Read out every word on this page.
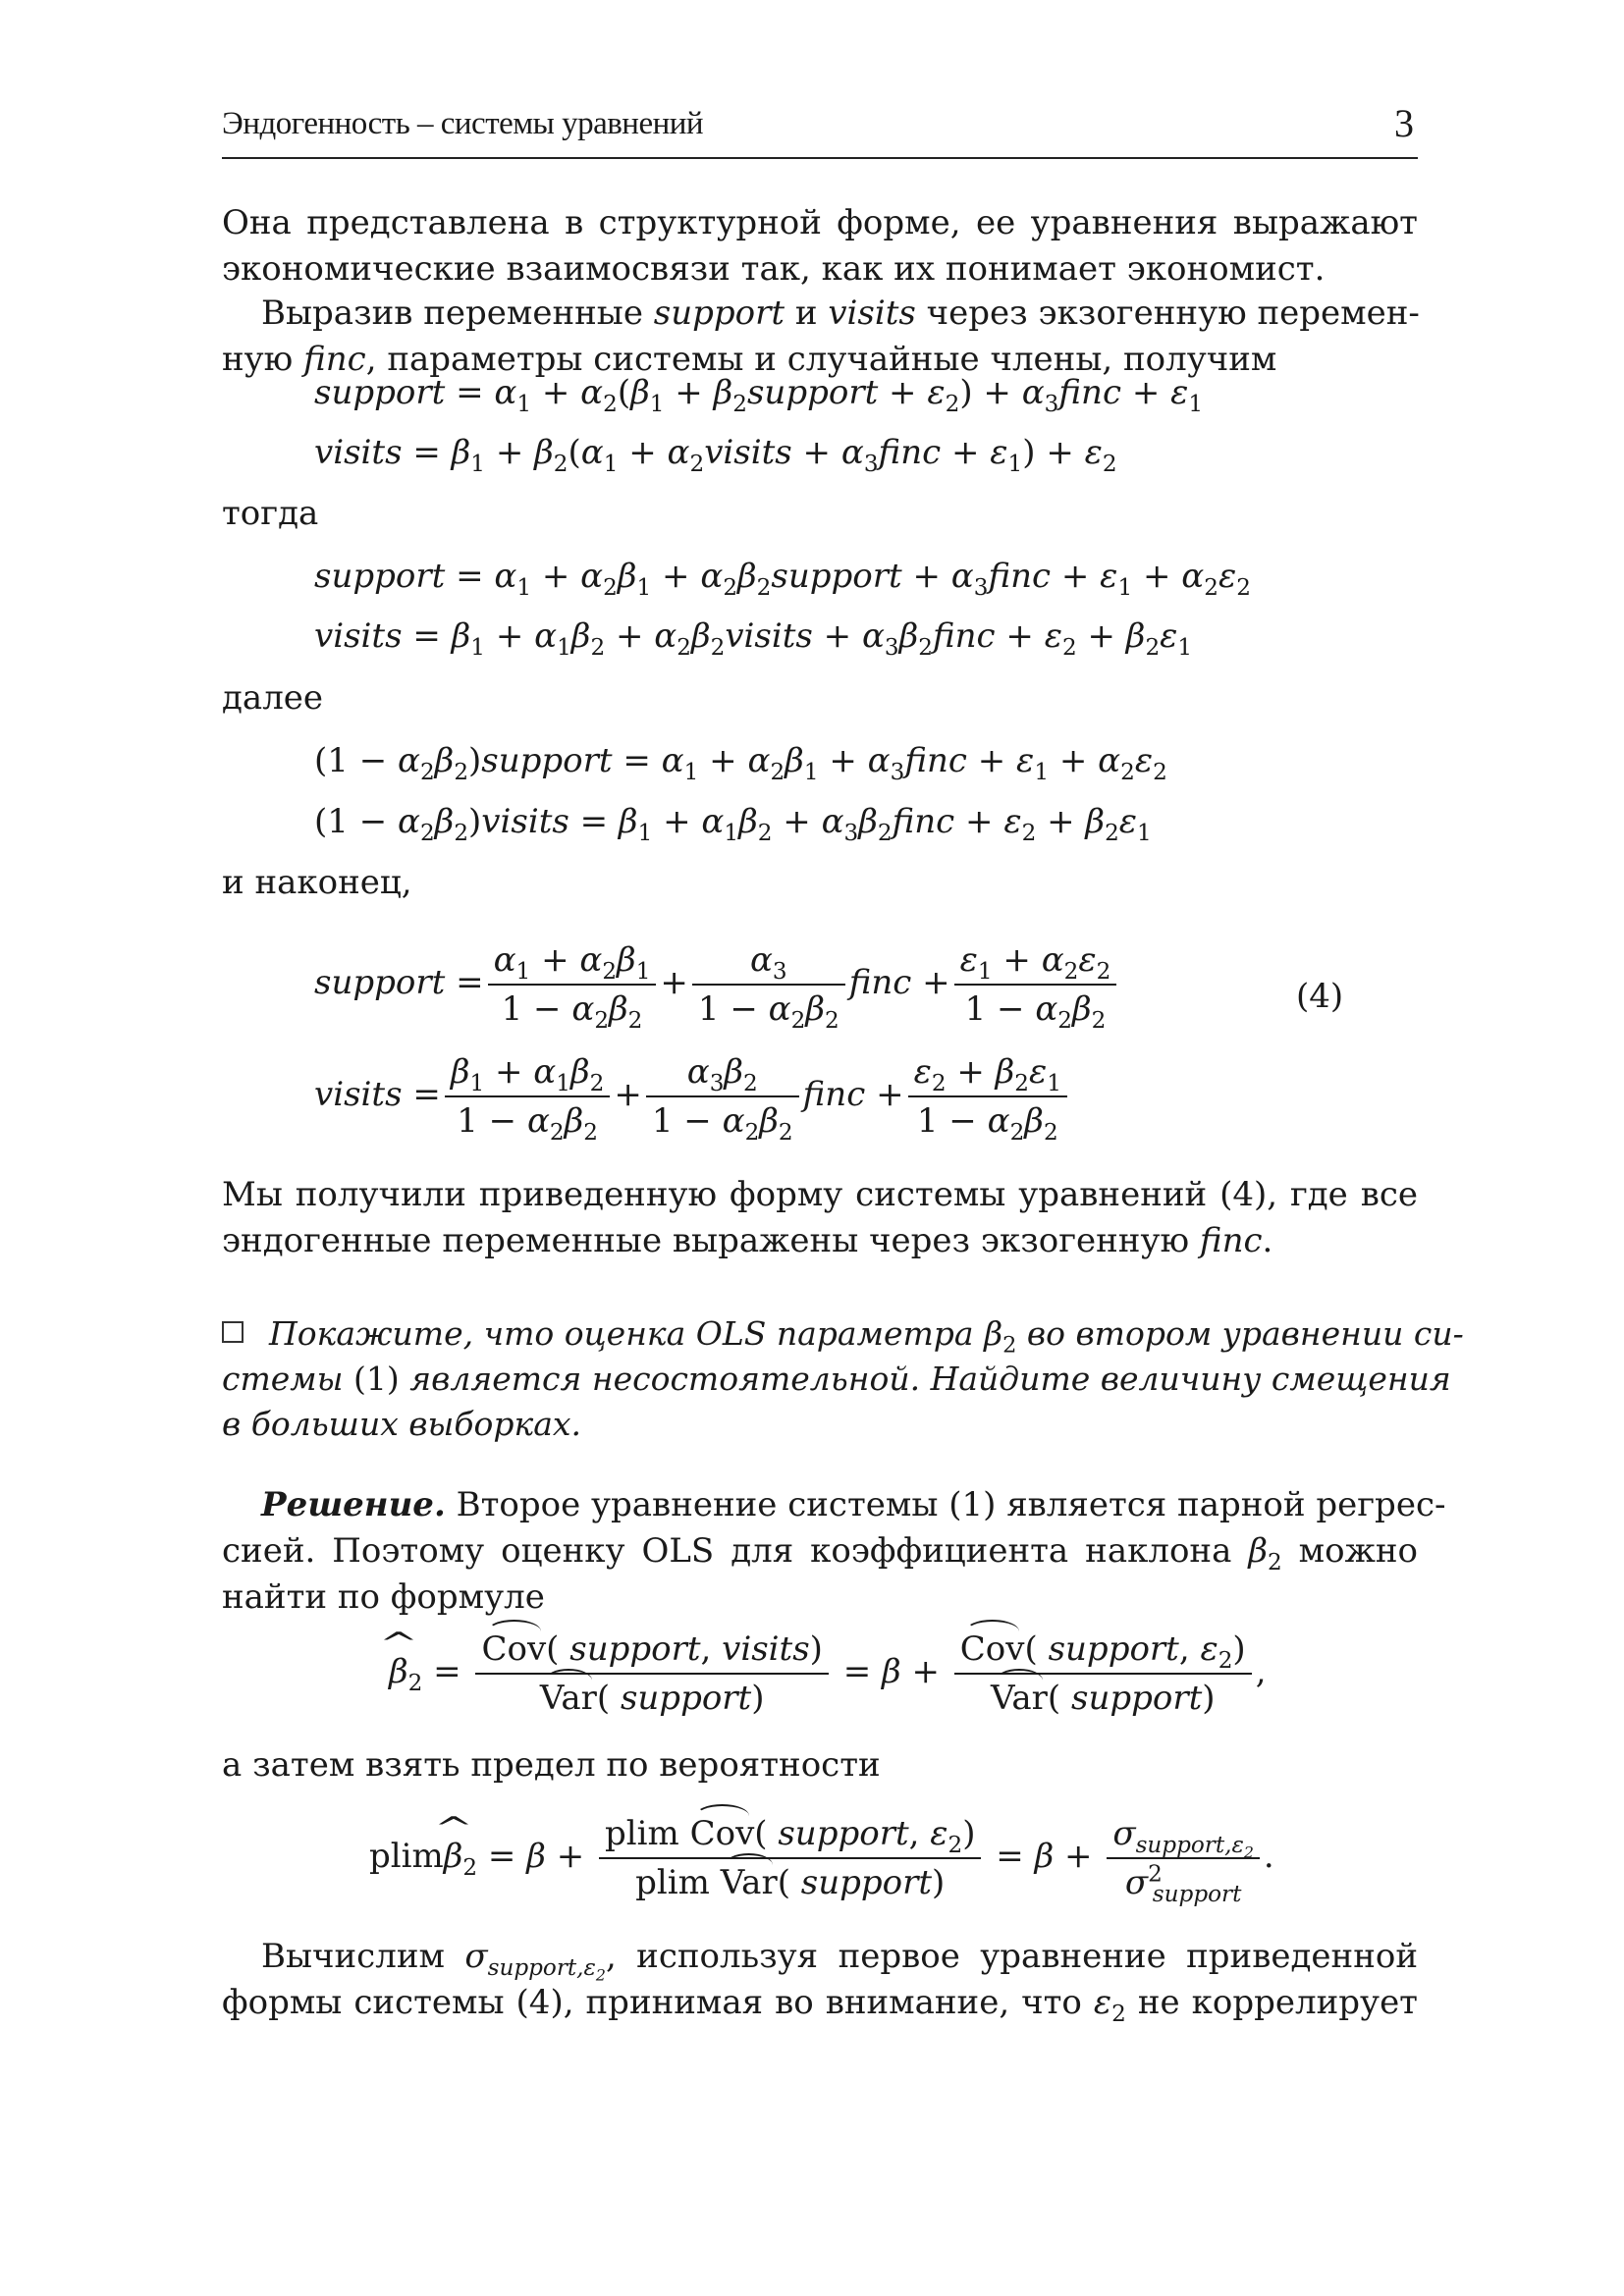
Эндогенность – системы уравнений	3
Она представлена в структурной форме, ее уравнения выражают
экономические взаимосвязи так, как их понимает экономист.
Выразив переменные support и visits через экзогенную перемен-
ную finc, параметры системы и случайные члены, получим
support = $\alpha_1 + \alpha_2(\beta_1$ + $\beta_2support + \varepsilon_2$) + $\alpha_3finc + \varepsilon_1$
visits = $\beta_1 + \beta_2(\alpha_1$ + $\alpha_2visits$ + $\alpha_3finc + \varepsilon_1) + \varepsilon_2$
тогда
support = $\alpha_1 + \alpha_2\beta_1$ + $\alpha_2\beta_2support$ + $\alpha_3finc + \varepsilon_1 + \alpha_2\varepsilon_2$
visits = $\beta_1 + \alpha_1\beta_2$ + $\alpha_2\beta_2visits$ + $\alpha_3\beta_2finc + \varepsilon_2 + \beta_2\varepsilon_1$
далее
$(1 - \alpha_2\beta_2)support = \alpha_1 + \alpha_2\beta_1$ + $\alpha_3finc + \varepsilon_1 + \alpha_2\varepsilon_2$
$(1 - \alpha_2\beta_2)visits = \beta_1 + \alpha_1\beta_2$ + $\alpha_3\beta_2finc + \varepsilon_2 + \beta_2\varepsilon_1$
и наконец,
support = $\frac{\alpha_1 + \alpha_2\beta_1}{1 - \alpha_2\beta_2} + \frac{\alpha_3}{1 - \alpha_2\beta_2}$ finc + $\frac{\varepsilon_1 + \alpha_2\varepsilon_2}{1 - \alpha_2\beta_2}$	(4)
visits = $\frac{\beta_1 + \alpha_1\beta_2}{1 - \alpha_2\beta_2} + \frac{\alpha_3\beta_2}{1 - \alpha_2\beta_2}$ finc + $\frac{\varepsilon_2 + \beta_2\varepsilon_1}{1 - \alpha_2\beta_2}$
Мы получили приведенную форму системы уравнений (4), где все
эндогенные переменные выражены через экзогенную finc.
Покажите, что оценка OLS параметра $\beta_2$ во втором уравнении си-
стемы (1) является несостоятельной. Найдите величину смещения
в больших выборках.
Решение. Второе уравнение системы (1) является парной регрес-
сией. Поэтому оценку OLS для коэффициента наклона $\beta_2$ можно
найти по формуле
^ $\beta_2 = \frac{\text{Cov( support, visits)}}{\text{Var( support)}} = \beta + \frac{Cov( support, \varepsilon_2)}{\text{Var( support)}}$ ,
а затем взять предел по вероятности
plim^ $\beta_2 = \beta + \frac{plim Cov( support, \varepsilon_2)}{\text{plim Var( support)}} = \beta + \frac{\sigma_{support,\varepsilon_2}}{\sigma^2_{support}}$ .
Вычислим $\sigma_{support,\varepsilon_2}$, используя первое уравнение приведенной
формы системы (4), принимая во внимание, что $\varepsilon_2$ не коррелирует
